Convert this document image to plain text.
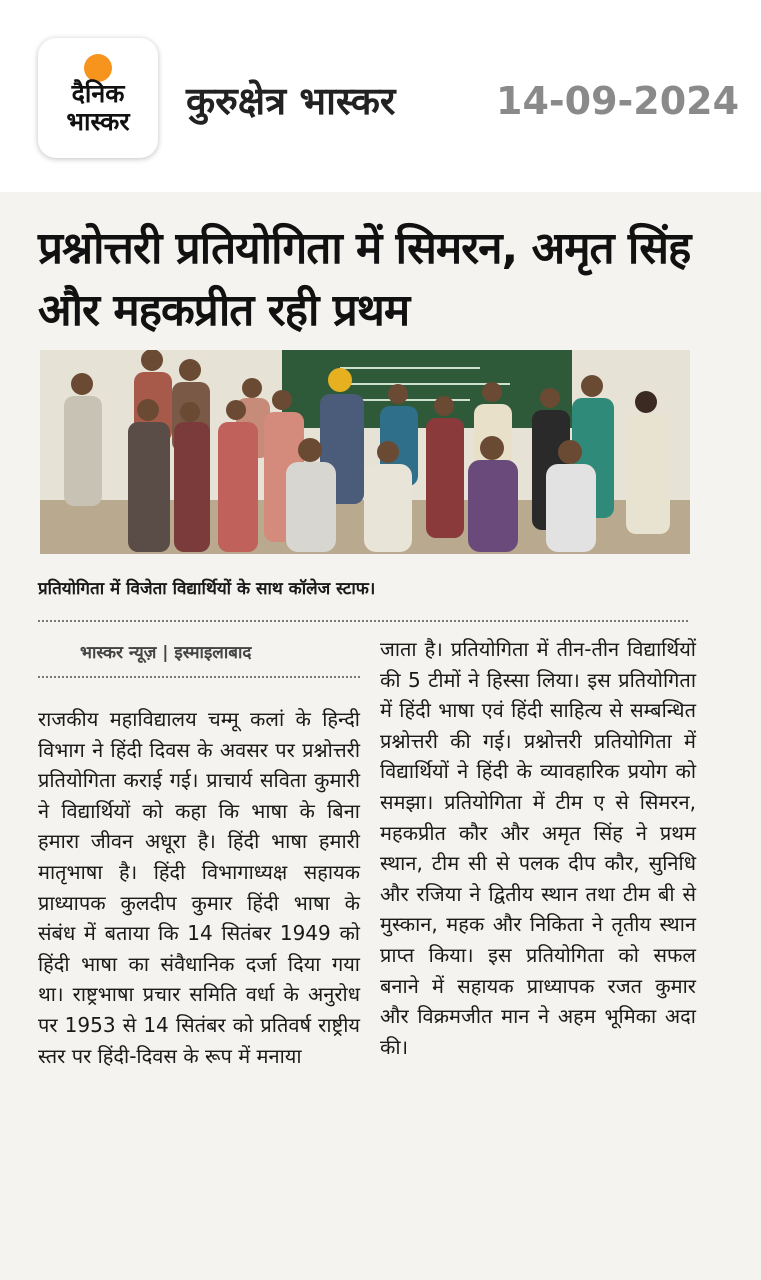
दैनिक
भास्कर	कुरुक्षेत्र भास्कर	14-09-2024
प्रश्नोत्तरी प्रतियोगिता में सिमरन, अमृत सिंह और महकप्रीत रही प्रथम
प्रतियोगिता में विजेता विद्यार्थियों के साथ कॉलेज स्टाफ।
भास्कर न्यूज़ | इस्माइलाबाद
राजकीय महाविद्यालय चम्मू कलां के हिन्दी विभाग ने हिंदी दिवस के अवसर पर प्रश्नोत्तरी प्रतियोगिता कराई गई। प्राचार्य सविता कुमारी ने विद्यार्थियों को कहा कि भाषा के बिना हमारा जीवन अधूरा है। हिंदी भाषा हमारी मातृभाषा है। हिंदी विभागाध्यक्ष सहायक प्राध्यापक कुलदीप कुमार हिंदी भाषा के संबंध में बताया कि 14 सितंबर 1949 को हिंदी भाषा का संवैधानिक दर्जा दिया गया था। राष्ट्रभाषा प्रचार समिति वर्धा के अनुरोध पर 1953 से 14 सितंबर को प्रतिवर्ष राष्ट्रीय स्तर पर हिंदी-दिवस के रूप में मनाया
जाता है। प्रतियोगिता में तीन-तीन विद्यार्थियों की 5 टीमों ने हिस्सा लिया। इस प्रतियोगिता में हिंदी भाषा एवं हिंदी साहित्य से सम्बन्धित प्रश्नोत्तरी की गई। प्रश्नोत्तरी प्रतियोगिता में विद्यार्थियों ने हिंदी के व्यावहारिक प्रयोग को समझा। प्रतियोगिता में टीम ए से सिमरन, महकप्रीत कौर और अमृत सिंह ने प्रथम स्थान, टीम सी से पलक दीप कौर, सुनिधि और रजिया ने द्वितीय स्थान तथा टीम बी से मुस्कान, महक और निकिता ने तृतीय स्थान प्राप्त किया। इस प्रतियोगिता को सफल बनाने में सहायक प्राध्यापक रजत कुमार और विक्रमजीत मान ने अहम भूमिका अदा की।
